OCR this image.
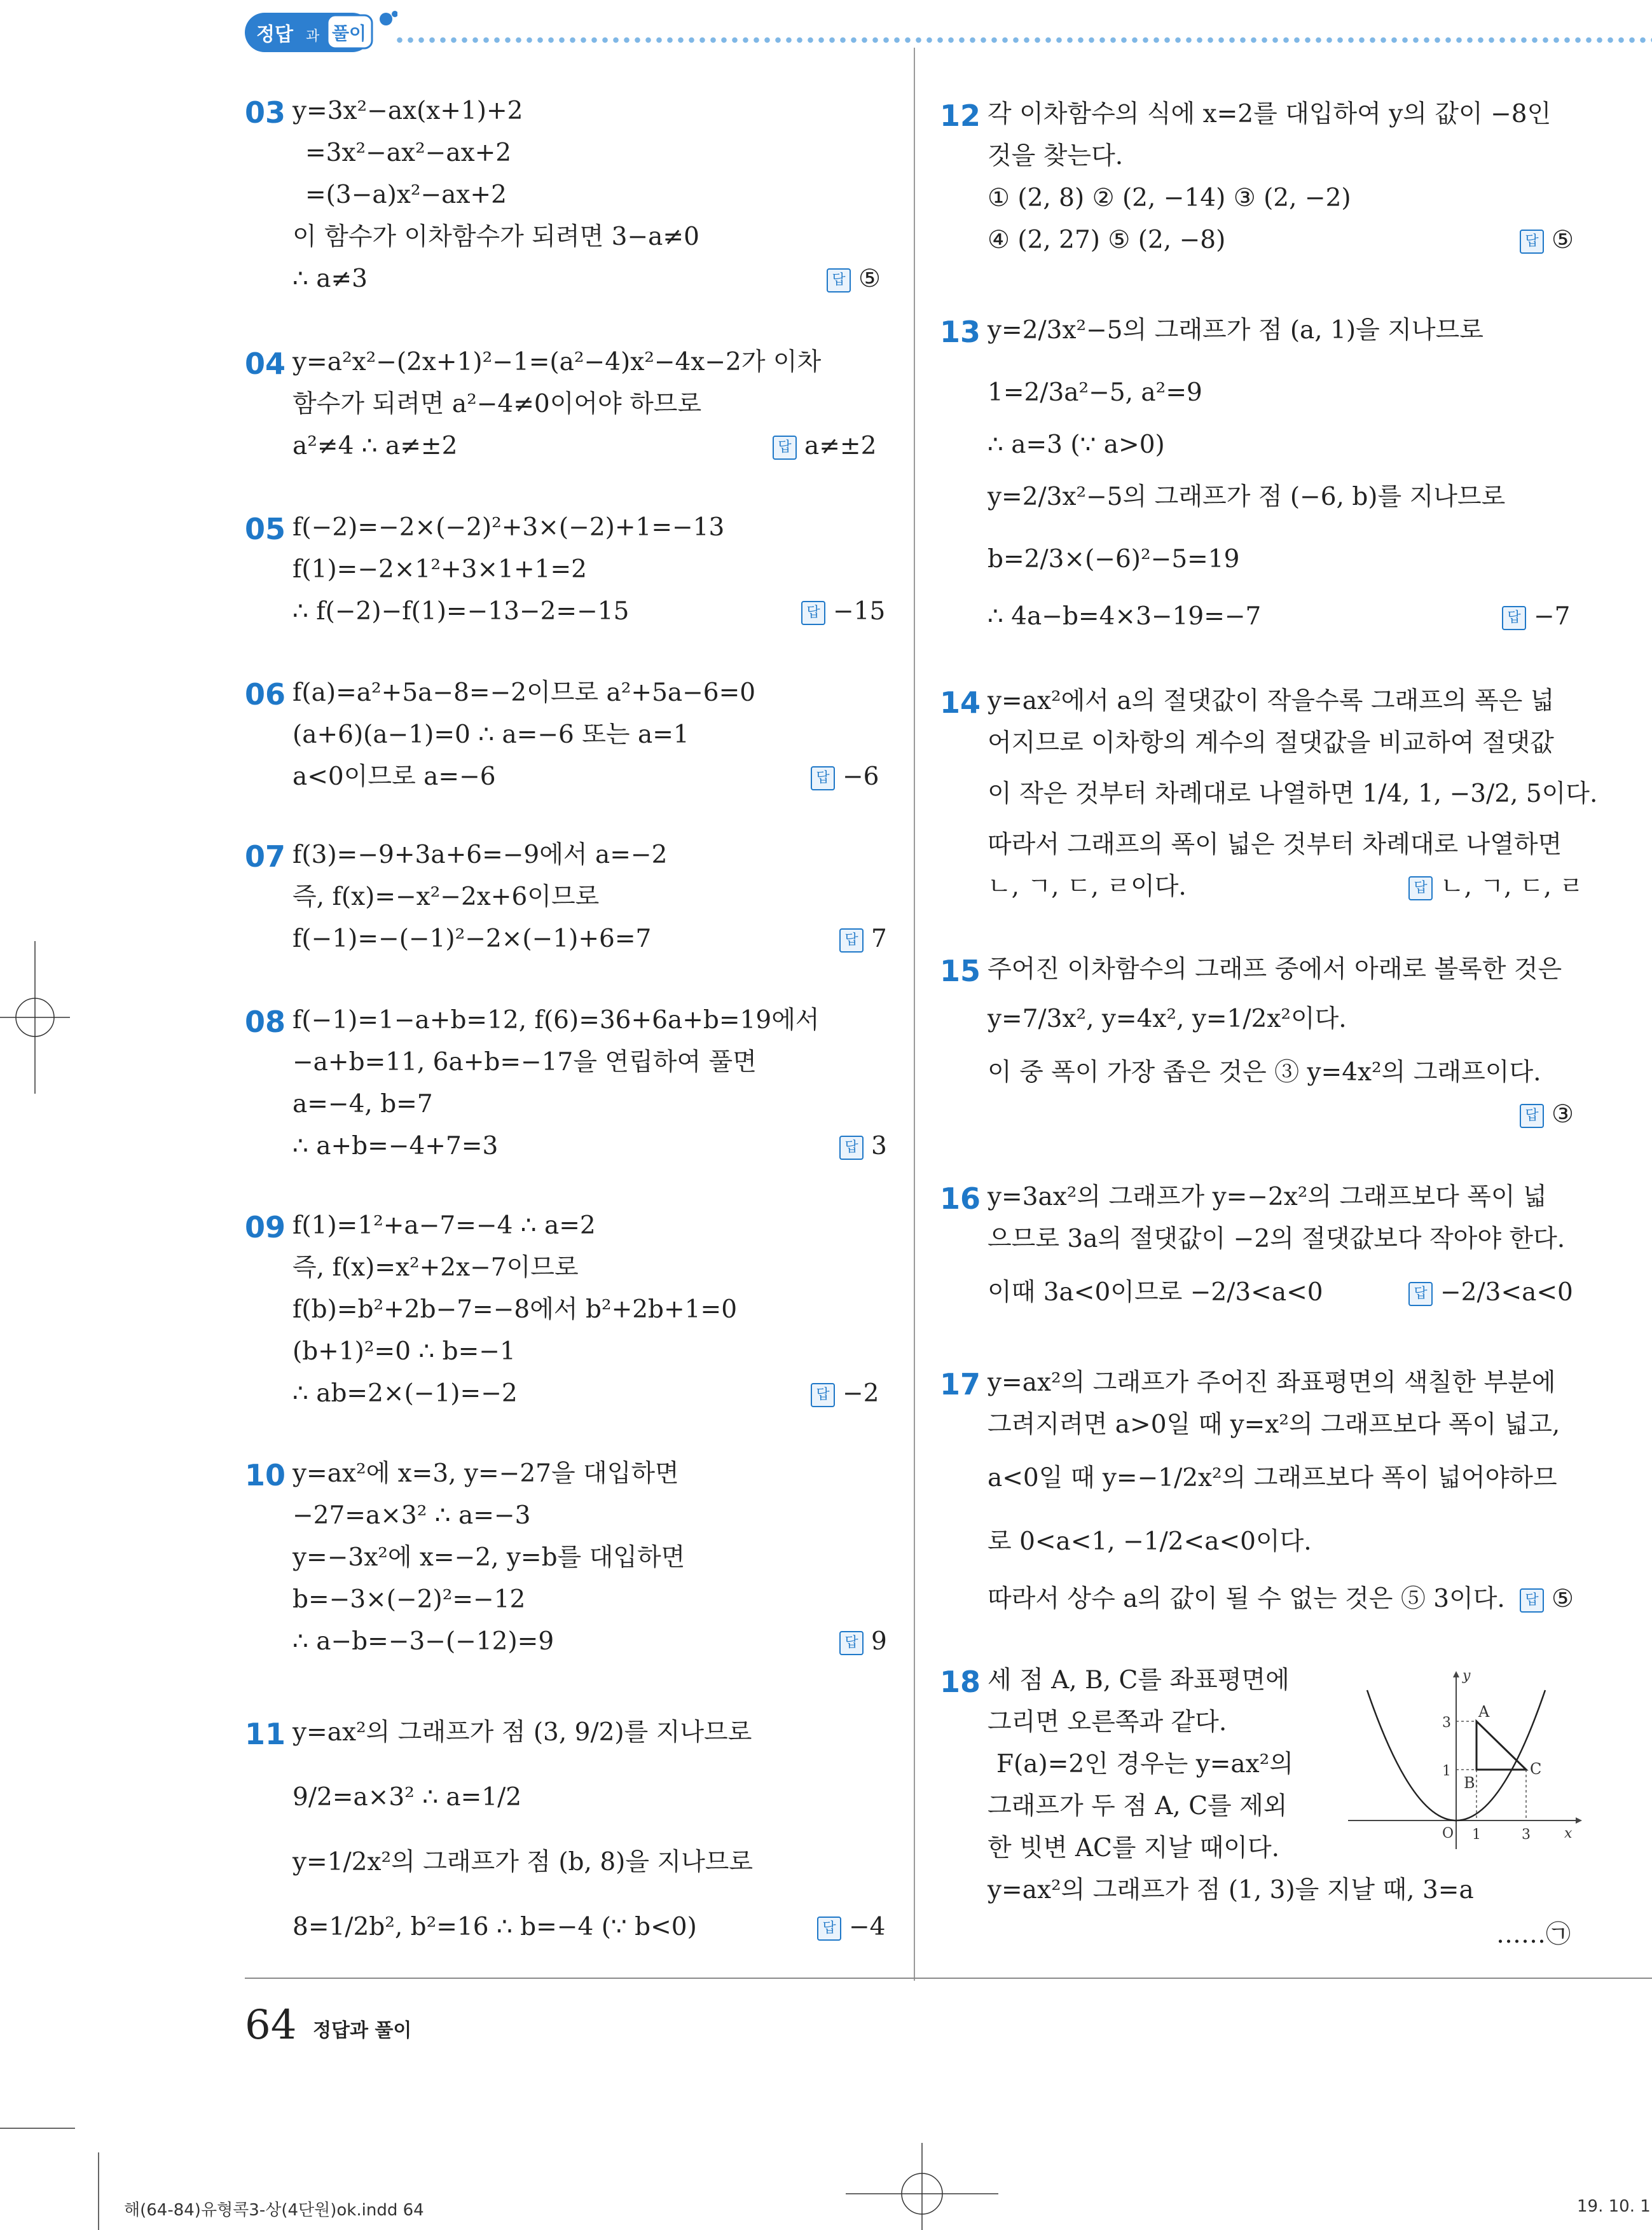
정답 과 풀이
03 y=3x²−ax(x+1)+2
=3x²−ax²−ax+2
=(3−a)x²−ax+2
이 함수가 이차함수가 되려면 3−a≠0
∴ a≠3	답 ⑤
04 y=a²x²−(2x+1)²−1=(a²−4)x²−4x−2가 이차
함수가 되려면 a²−4≠0이어야 하므로
a²≠4 ∴ a≠±2	답 a≠±2
05 f(−2)=−2×(−2)²+3×(−2)+1=−13
f(1)=−2×1²+3×1+1=2
∴ f(−2)−f(1)=−13−2=−15	답 −15
06 f(a)=a²+5a−8=−2이므로 a²+5a−6=0
(a+6)(a−1)=0 ∴ a=−6 또는 a=1
a<0이므로 a=−6	답 −6
07 f(3)=−9+3a+6=−9에서 a=−2
즉, f(x)=−x²−2x+6이므로
f(−1)=−(−1)²−2×(−1)+6=7	답 7
08 f(−1)=1−a+b=12, f(6)=36+6a+b=19에서
−a+b=11, 6a+b=−17을 연립하여 풀면
a=−4, b=7
∴ a+b=−4+7=3	답 3
09 f(1)=1²+a−7=−4 ∴ a=2
즉, f(x)=x²+2x−7이므로
f(b)=b²+2b−7=−8에서 b²+2b+1=0
(b+1)²=0 ∴ b=−1
∴ ab=2×(−1)=−2	답 −2
10 y=ax²에 x=3, y=−27을 대입하면
−27=a×3² ∴ a=−3
y=−3x²에 x=−2, y=b를 대입하면
b=−3×(−2)²=−12
∴ a−b=−3−(−12)=9	답 9
11 y=ax²의 그래프가 점 (3, 9/2)를 지나므로
9/2=a×3² ∴ a=1/2
y=1/2x²의 그래프가 점 (b, 8)을 지나므로
8=1/2b², b²=16 ∴ b=−4 (∵ b<0)	답 −4
12 각 이차함수의 식에 x=2를 대입하여 y의 값이 −8인
것을 찾는다.
① (2, 8) ② (2, −14) ③ (2, −2)
④ (2, 27) ⑤ (2, −8)	답 ⑤
13 y=2/3x²−5의 그래프가 점 (a, 1)을 지나므로
1=2/3a²−5, a²=9
∴ a=3 (∵ a>0)
y=2/3x²−5의 그래프가 점 (−6, b)를 지나므로
b=2/3×(−6)²−5=19
∴ 4a−b=4×3−19=−7	답 −7
14 y=ax²에서 a의 절댓값이 작을수록 그래프의 폭은 넓
어지므로 이차항의 계수의 절댓값을 비교하여 절댓값
이 작은 것부터 차례대로 나열하면 1/4, 1, −3/2, 5이다.
따라서 그래프의 폭이 넓은 것부터 차례대로 나열하면
ㄴ, ㄱ, ㄷ, ㄹ이다.	답 ㄴ, ㄱ, ㄷ, ㄹ
15 주어진 이차함수의 그래프 중에서 아래로 볼록한 것은
y=7/3x², y=4x², y=1/2x²이다.
이 중 폭이 가장 좁은 것은 ③ y=4x²의 그래프이다.
답 ③
16 y=3ax²의 그래프가 y=−2x²의 그래프보다 폭이 넓
으므로 3a의 절댓값이 −2의 절댓값보다 작아야 한다.
이때 3a<0이므로 −2/3<a<0	답 −2/3<a<0
17 y=ax²의 그래프가 주어진 좌표평면의 색칠한 부분에
그려지려면 a>0일 때 y=x²의 그래프보다 폭이 넓고,
a<0일 때 y=−1/2x²의 그래프보다 폭이 넓어야하므
로 0<a<1, −1/2<a<0이다.
따라서 상수 a의 값이 될 수 없는 것은 ⑤ 3이다.	답 ⑤
18 세 점 A, B, C를 좌표평면에
그리면 오른쪽과 같다.
F(a)=2인 경우는 y=ax²의
그래프가 두 점 A, C를 제외
한 빗변 AC를 지날 때이다.
y=ax²의 그래프가 점 (1, 3)을 지날 때, 3=a
……㉠
y
x
O
3
1
1	3
A
B
C
64 정답과 풀이
해(64-84)유형콕3-상(4단원)ok.indd 64	19. 10. 1
